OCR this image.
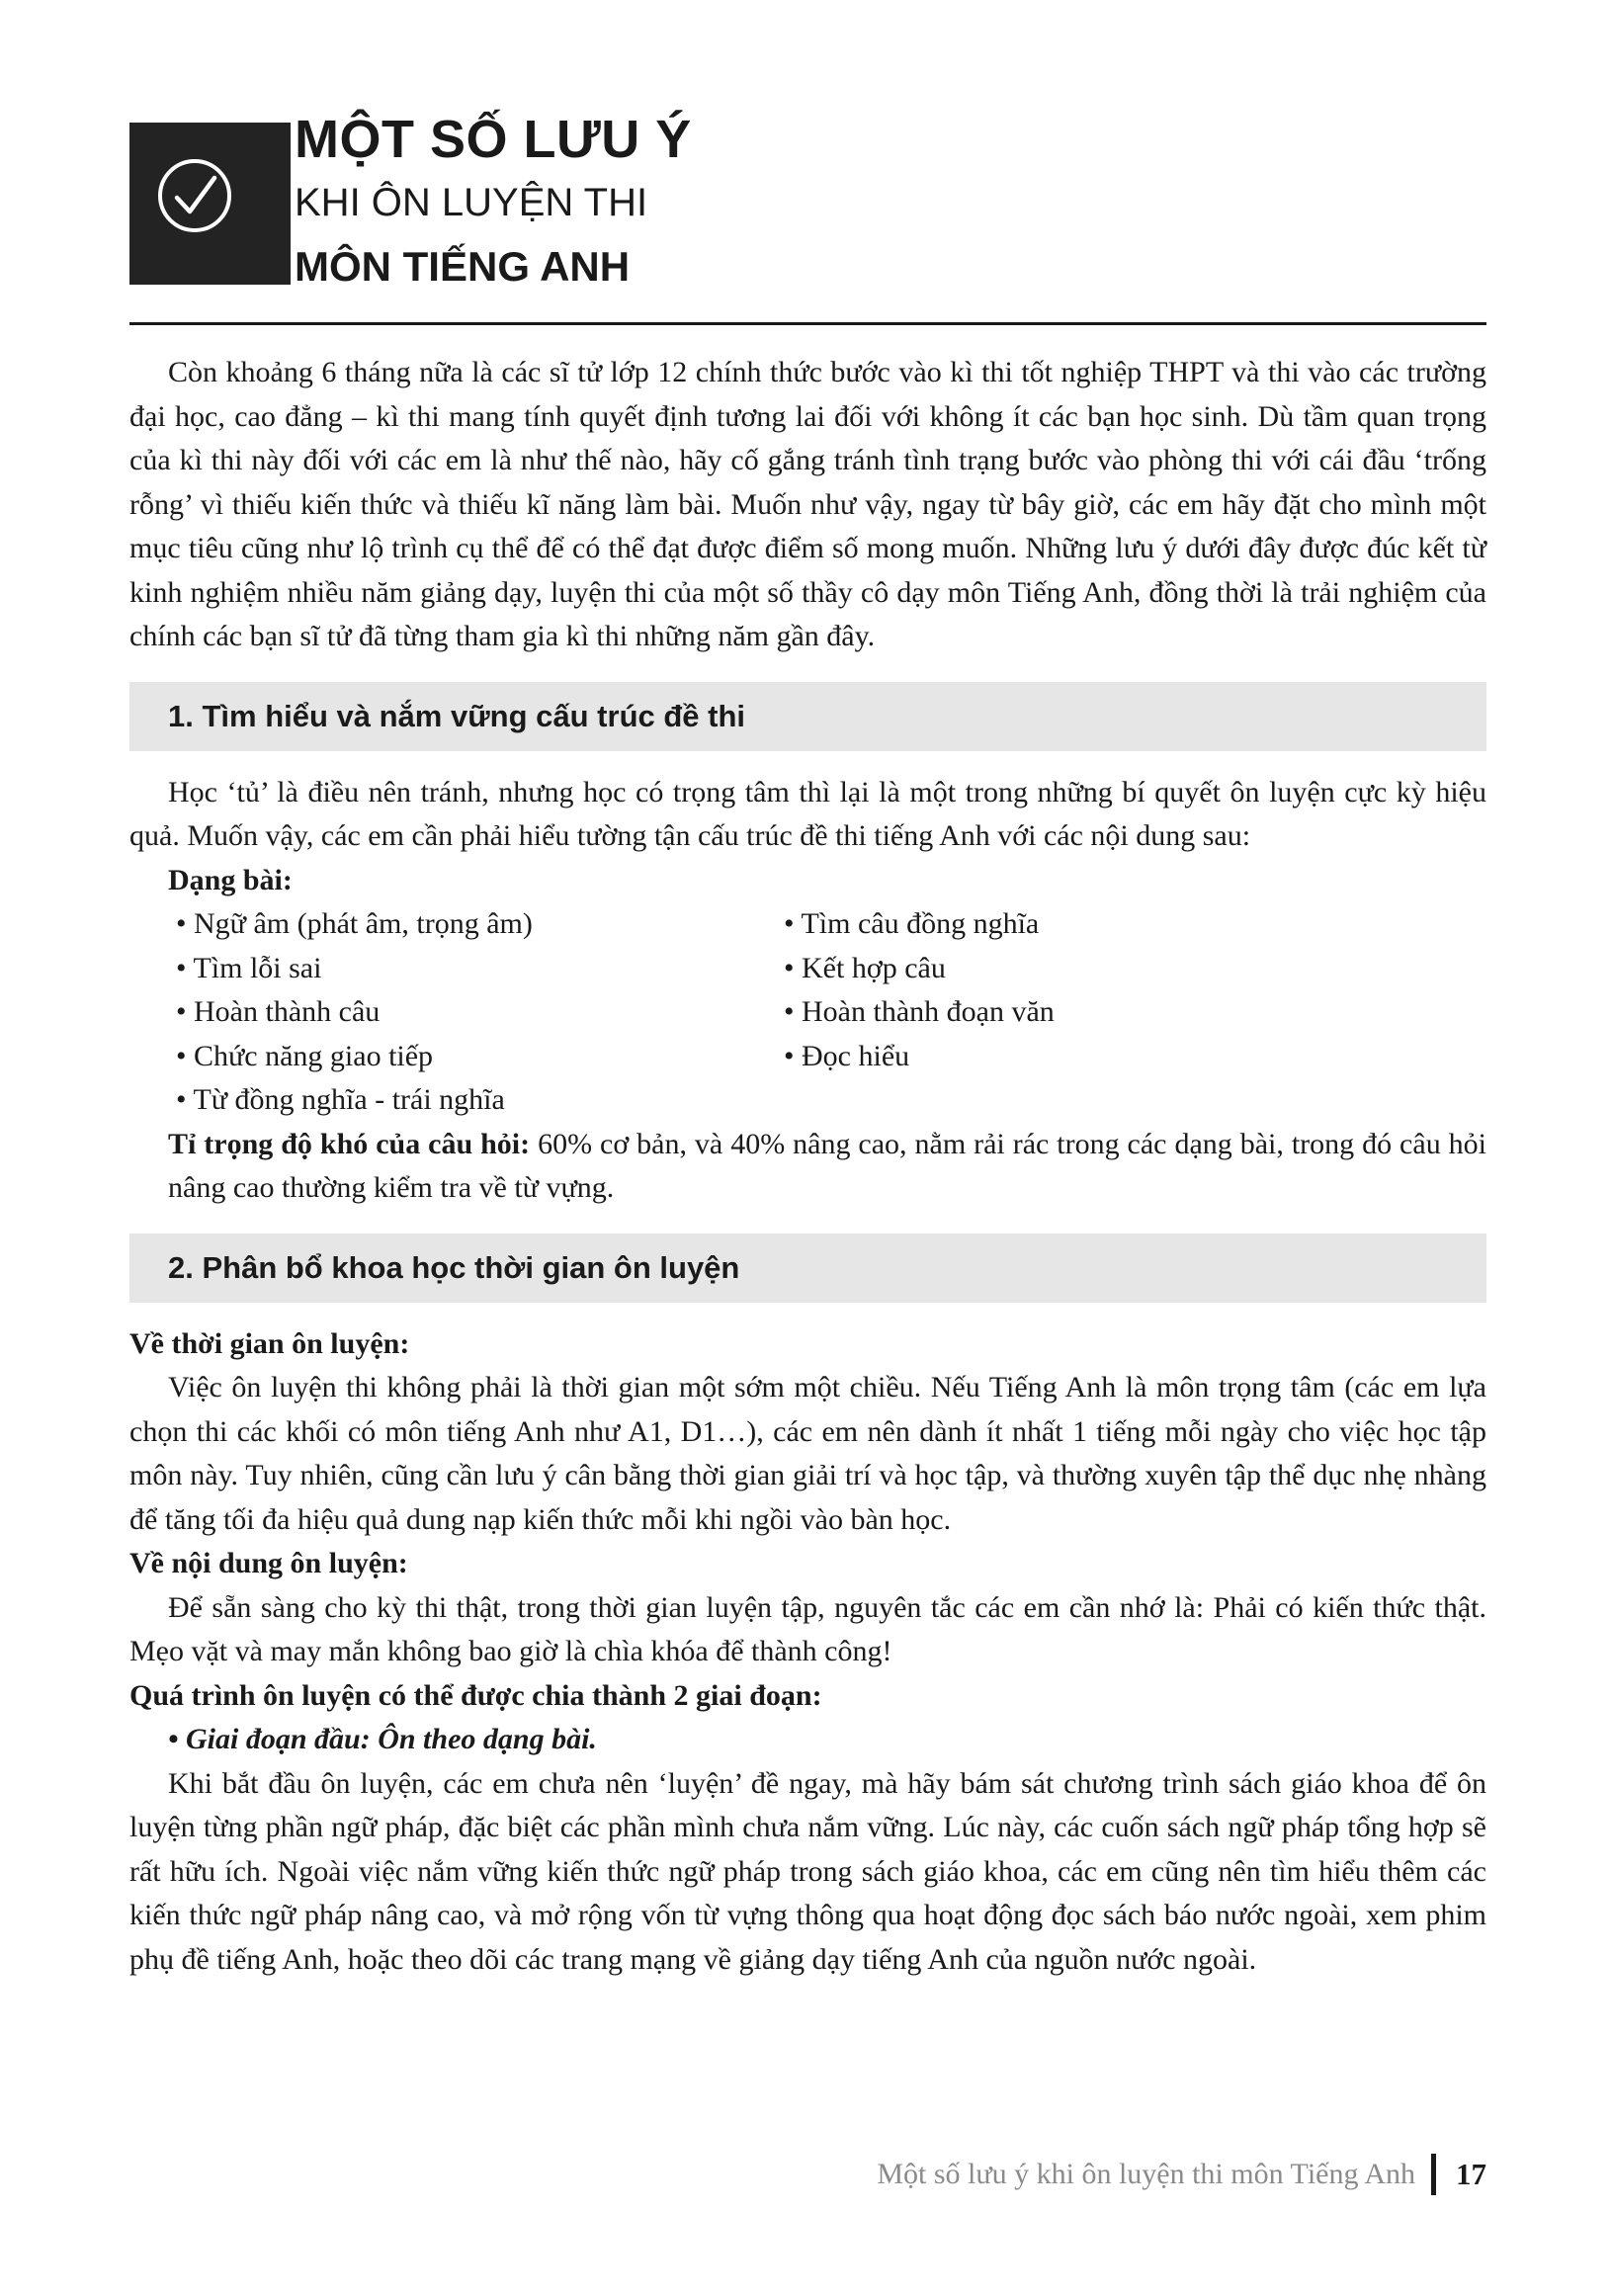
MỘT SỐ LƯU Ý
KHI ÔN LUYỆN THI
MÔN TIẾNG ANH

Còn khoảng 6 tháng nữa là các sĩ tử lớp 12 chính thức bước vào kì thi tốt nghiệp THPT và thi vào các trường đại học, cao đẳng – kì thi mang tính quyết định tương lai đối với không ít các bạn học sinh. Dù tầm quan trọng của kì thi này đối với các em là như thế nào, hãy cố gắng tránh tình trạng bước vào phòng thi với cái đầu ‘trống rỗng’ vì thiếu kiến thức và thiếu kĩ năng làm bài. Muốn như vậy, ngay từ bây giờ, các em hãy đặt cho mình một mục tiêu cũng như lộ trình cụ thể để có thể đạt được điểm số mong muốn. Những lưu ý dưới đây được đúc kết từ kinh nghiệm nhiều năm giảng dạy, luyện thi của một số thầy cô dạy môn Tiếng Anh, đồng thời là trải nghiệm của chính các bạn sĩ tử đã từng tham gia kì thi những năm gần đây.

1. Tìm hiểu và nắm vững cấu trúc đề thi

Học ‘tủ’ là điều nên tránh, nhưng học có trọng tâm thì lại là một trong những bí quyết ôn luyện cực kỳ hiệu quả. Muốn vậy, các em cần phải hiểu tường tận cấu trúc đề thi tiếng Anh với các nội dung sau:

Dạng bài:

• Ngữ âm (phát âm, trọng âm)
• Tìm lỗi sai
• Hoàn thành câu
• Chức năng giao tiếp
• Từ đồng nghĩa - trái nghĩa
• Tìm câu đồng nghĩa
• Kết hợp câu
• Hoàn thành đoạn văn
• Đọc hiểu

Tỉ trọng độ khó của câu hỏi: 60% cơ bản, và 40% nâng cao, nằm rải rác trong các dạng bài, trong đó câu hỏi nâng cao thường kiểm tra về từ vựng.

2. Phân bổ khoa học thời gian ôn luyện

Về thời gian ôn luyện:

Việc ôn luyện thi không phải là thời gian một sớm một chiều. Nếu Tiếng Anh là môn trọng tâm (các em lựa chọn thi các khối có môn tiếng Anh như A1, D1…), các em nên dành ít nhất 1 tiếng mỗi ngày cho việc học tập môn này. Tuy nhiên, cũng cần lưu ý cân bằng thời gian giải trí và học tập, và thường xuyên tập thể dục nhẹ nhàng để tăng tối đa hiệu quả dung nạp kiến thức mỗi khi ngồi vào bàn học.

Về nội dung ôn luyện:

Để sẵn sàng cho kỳ thi thật, trong thời gian luyện tập, nguyên tắc các em cần nhớ là: Phải có kiến thức thật. Mẹo vặt và may mắn không bao giờ là chìa khóa để thành công!

Quá trình ôn luyện có thể được chia thành 2 giai đoạn:

• Giai đoạn đầu: Ôn theo dạng bài.

Khi bắt đầu ôn luyện, các em chưa nên ‘luyện’ đề ngay, mà hãy bám sát chương trình sách giáo khoa để ôn luyện từng phần ngữ pháp, đặc biệt các phần mình chưa nắm vững. Lúc này, các cuốn sách ngữ pháp tổng hợp sẽ rất hữu ích. Ngoài việc nắm vững kiến thức ngữ pháp trong sách giáo khoa, các em cũng nên tìm hiểu thêm các kiến thức ngữ pháp nâng cao, và mở rộng vốn từ vựng thông qua hoạt động đọc sách báo nước ngoài, xem phim phụ đề tiếng Anh, hoặc theo dõi các trang mạng về giảng dạy tiếng Anh của nguồn nước ngoài.

Một số lưu ý khi ôn luyện thi môn Tiếng Anh 17
